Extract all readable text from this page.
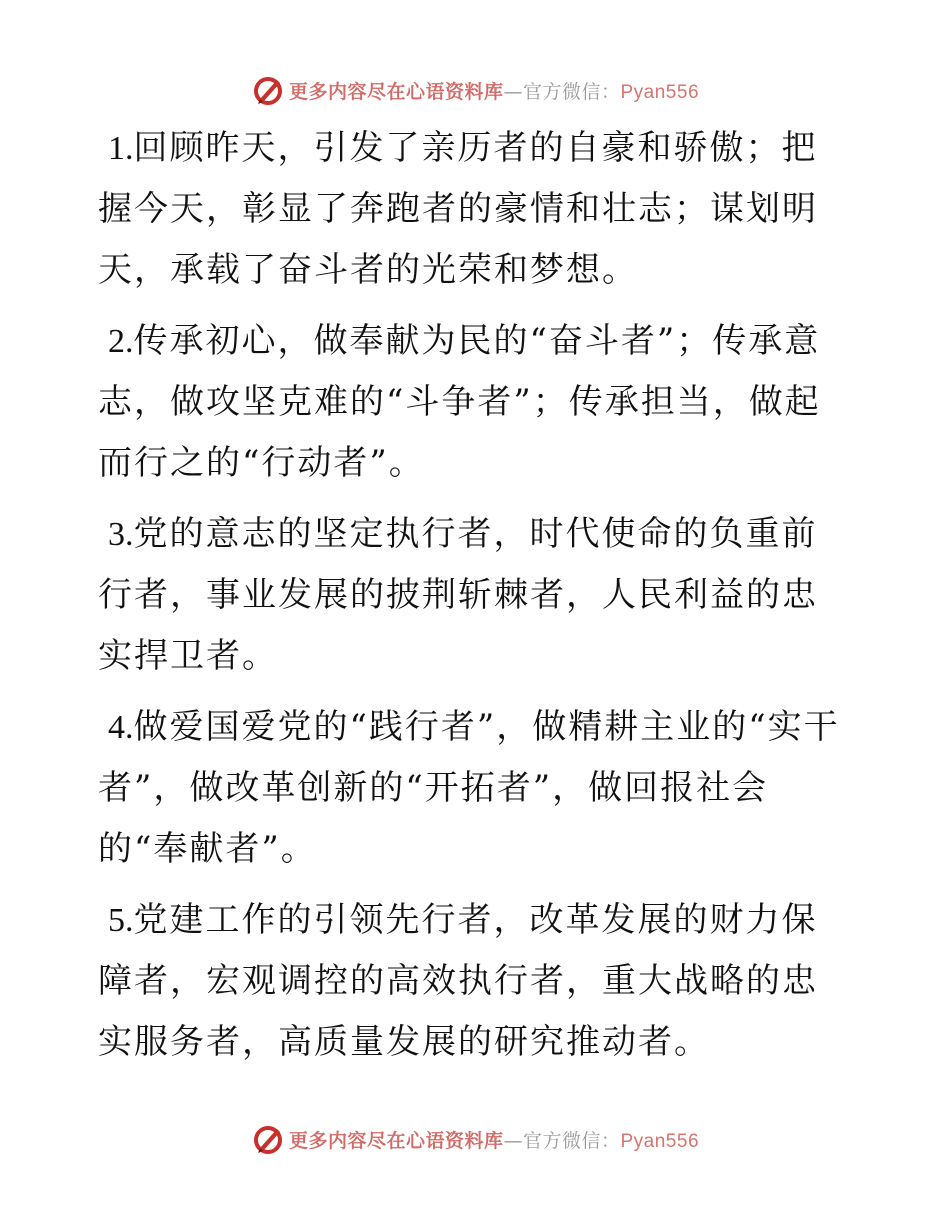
更多内容尽在心语资料库—官方微信：Pyan556

1.回顾昨天，引发了亲历者的自豪和骄傲；把握今天，彰显了奔跑者的豪情和壮志；谋划明天，承载了奋斗者的光荣和梦想。

2.传承初心，做奉献为民的“奋斗者”；传承意志，做攻坚克难的“斗争者”；传承担当，做起而行之的“行动者”。

3.党的意志的坚定执行者，时代使命的负重前行者，事业发展的披荆斩棘者，人民利益的忠实捍卫者。

4.做爱国爱党的“践行者”，做精耕主业的“实干者”，做改革创新的“开拓者”，做回报社会的“奉献者”。

5.党建工作的引领先行者，改革发展的财力保障者，宏观调控的高效执行者，重大战略的忠实服务者，高质量发展的研究推动者。

更多内容尽在心语资料库—官方微信：Pyan556
